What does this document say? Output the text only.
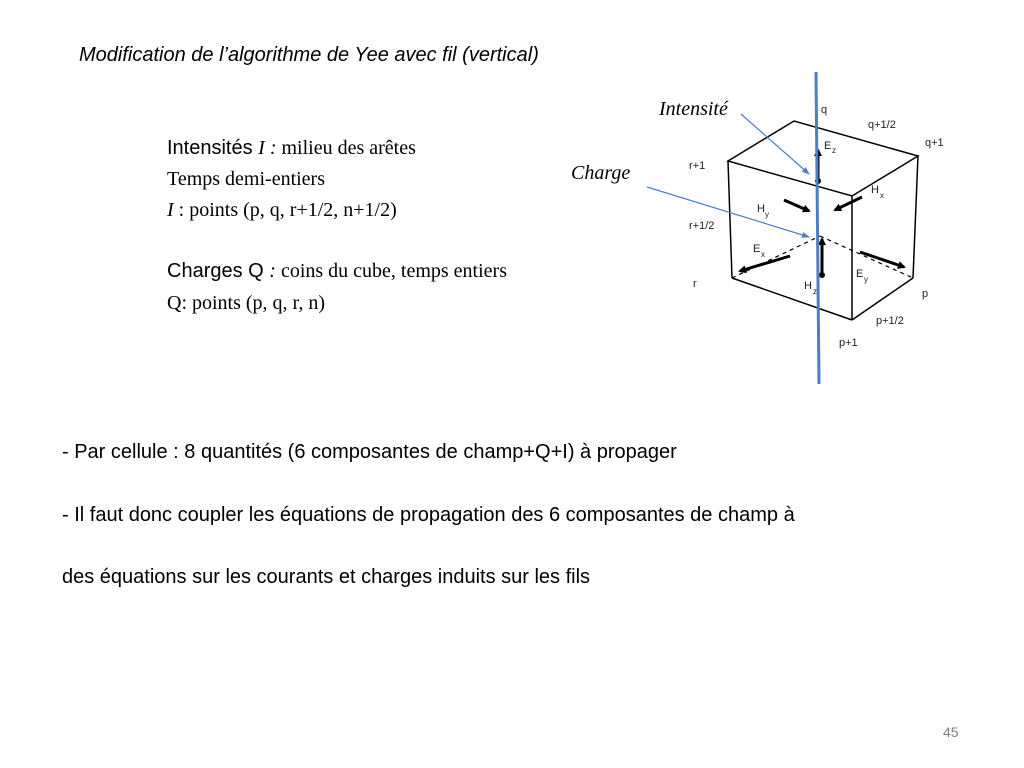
Modification de l’algorithme de Yee avec fil (vertical)
Intensités I : milieu des arêtes
Temps demi-entiers
I : points (p, q, r+1/2, n+1/2)
Charges Q : coins du cube, temps entiers
Q: points (p, q, r, n)
- Par cellule : 8 quantités (6 composantes de champ+Q+I) à propager
- Il faut donc coupler les équations de propagation des 6 composantes de champ à
des équations sur les courants et charges induits sur les fils
Intensité
Charge
q
q+1/2
q+1
r+1
r+1/2
r
p
p+1/2
p+1
E z
H x
H y
E x
E y
H z
45
